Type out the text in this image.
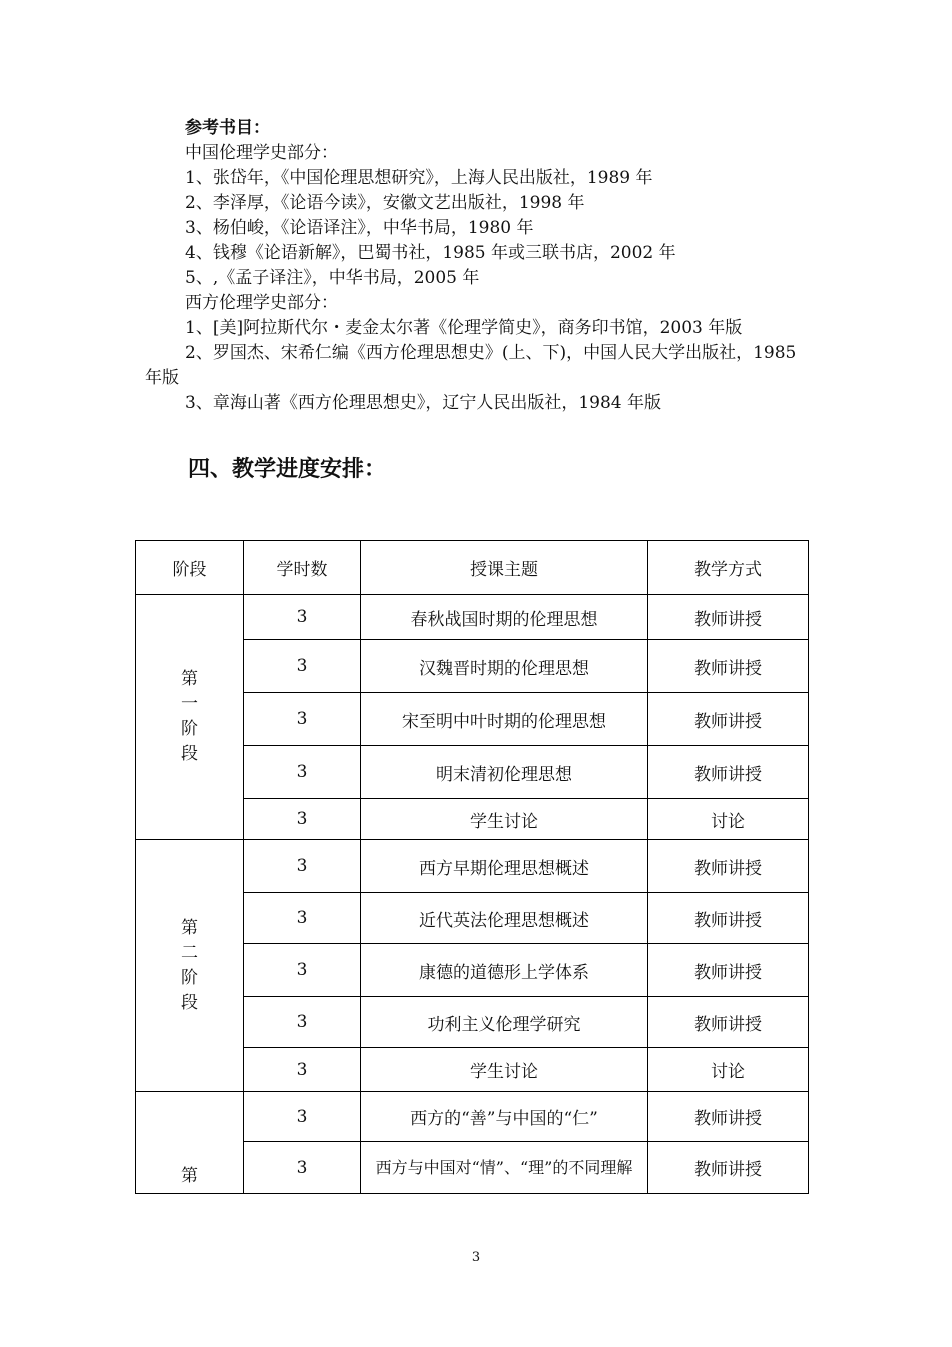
参考书目：
中国伦理学史部分：
1、张岱年，《中国伦理思想研究》，上海人民出版社，1989 年
2、李泽厚，《论语今读》，安徽文艺出版社，1998 年
3、杨伯峻，《论语译注》，中华书局，1980 年
4、钱穆《论语新解》，巴蜀书社，1985 年或三联书店，2002 年
5、,《孟子译注》，中华书局，2005 年
西方伦理学史部分：
1、[美]阿拉斯代尔・麦金太尔著《伦理学简史》，商务印书馆，2003 年版
2、罗国杰、宋希仁编《西方伦理思想史》(上、下)，中国人民大学出版社，1985 年版
3、章海山著《西方伦理思想史》，辽宁人民出版社，1984 年版
四、教学进度安排：
阶段	学时数	授课主题	教学方式
第一阶段	3	春秋战国时期的伦理思想	教师讲授
	3	汉魏晋时期的伦理思想	教师讲授
	3	宋至明中叶时期的伦理思想	教师讲授
	3	明末清初伦理思想	教师讲授
	3	学生讨论	讨论
第二阶段	3	西方早期伦理思想概述	教师讲授
	3	近代英法伦理思想概述	教师讲授
	3	康德的道德形上学体系	教师讲授
	3	功利主义伦理学研究	教师讲授
	3	学生讨论	讨论
第	3	西方的“善”与中国的“仁”	教师讲授
	3	西方与中国对“情”、“理”的不同理解	教师讲授
3
